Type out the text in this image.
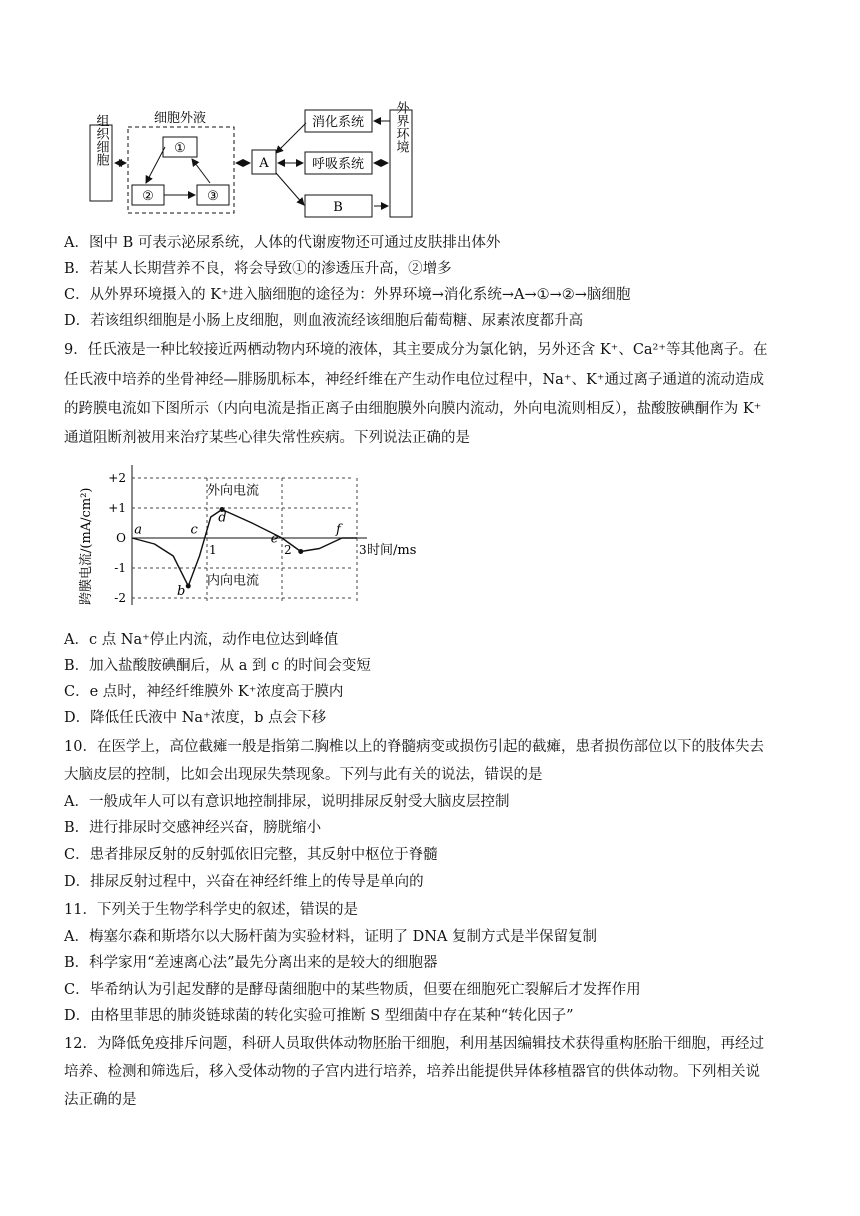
组织细胞	细胞外液
①
②	③
A
消化系统
呼吸系统
B
外界环境
A．图中 B 可表示泌尿系统，人体的代谢废物还可通过皮肤排出体外
B．若某人长期营养不良，将会导致①的渗透压升高，②增多
C．从外界环境摄入的 K⁺进入脑细胞的途径为：外界环境→消化系统→A→①→②→脑细胞
D．若该组织细胞是小肠上皮细胞，则血液流经该细胞后葡萄糖、尿素浓度都升高
9．任氏液是一种比较接近两栖动物内环境的液体，其主要成分为氯化钠，另外还含 K⁺、Ca²⁺等其他离子。在
任氏液中培养的坐骨神经—腓肠肌标本，神经纤维在产生动作电位过程中，Na⁺、K⁺通过离子通道的流动造成
的跨膜电流如下图所示（内向电流是指正离子由细胞膜外向膜内流动，外向电流则相反），盐酸胺碘酮作为 K⁺
通道阻断剂被用来治疗某些心律失常性疾病。下列说法正确的是
跨膜电流/(mA/cm²)
+2
+1
O
-1
-2
1	2	3 时间/ms
外向电流
内向电流
a
b
c
d
e
f
A．c 点 Na⁺停止内流，动作电位达到峰值
B．加入盐酸胺碘酮后，从 a 到 c 的时间会变短
C．e 点时，神经纤维膜外 K⁺浓度高于膜内
D．降低任氏液中 Na⁺浓度，b 点会下移
10．在医学上，高位截瘫一般是指第二胸椎以上的脊髓病变或损伤引起的截瘫，患者损伤部位以下的肢体失去
大脑皮层的控制，比如会出现尿失禁现象。下列与此有关的说法，错误的是
A．一般成年人可以有意识地控制排尿，说明排尿反射受大脑皮层控制
B．进行排尿时交感神经兴奋，膀胱缩小
C．患者排尿反射的反射弧依旧完整，其反射中枢位于脊髓
D．排尿反射过程中，兴奋在神经纤维上的传导是单向的
11．下列关于生物学科学史的叙述，错误的是
A．梅塞尔森和斯塔尔以大肠杆菌为实验材料，证明了 DNA 复制方式是半保留复制
B．科学家用“差速离心法”最先分离出来的是较大的细胞器
C．毕希纳认为引起发酵的是酵母菌细胞中的某些物质，但要在细胞死亡裂解后才发挥作用
D．由格里菲思的肺炎链球菌的转化实验可推断 S 型细菌中存在某种“转化因子”
12．为降低免疫排斥问题，科研人员取供体动物胚胎干细胞，利用基因编辑技术获得重构胚胎干细胞，再经过
培养、检测和筛选后，移入受体动物的子宫内进行培养，培养出能提供异体移植器官的供体动物。下列相关说
法正确的是
